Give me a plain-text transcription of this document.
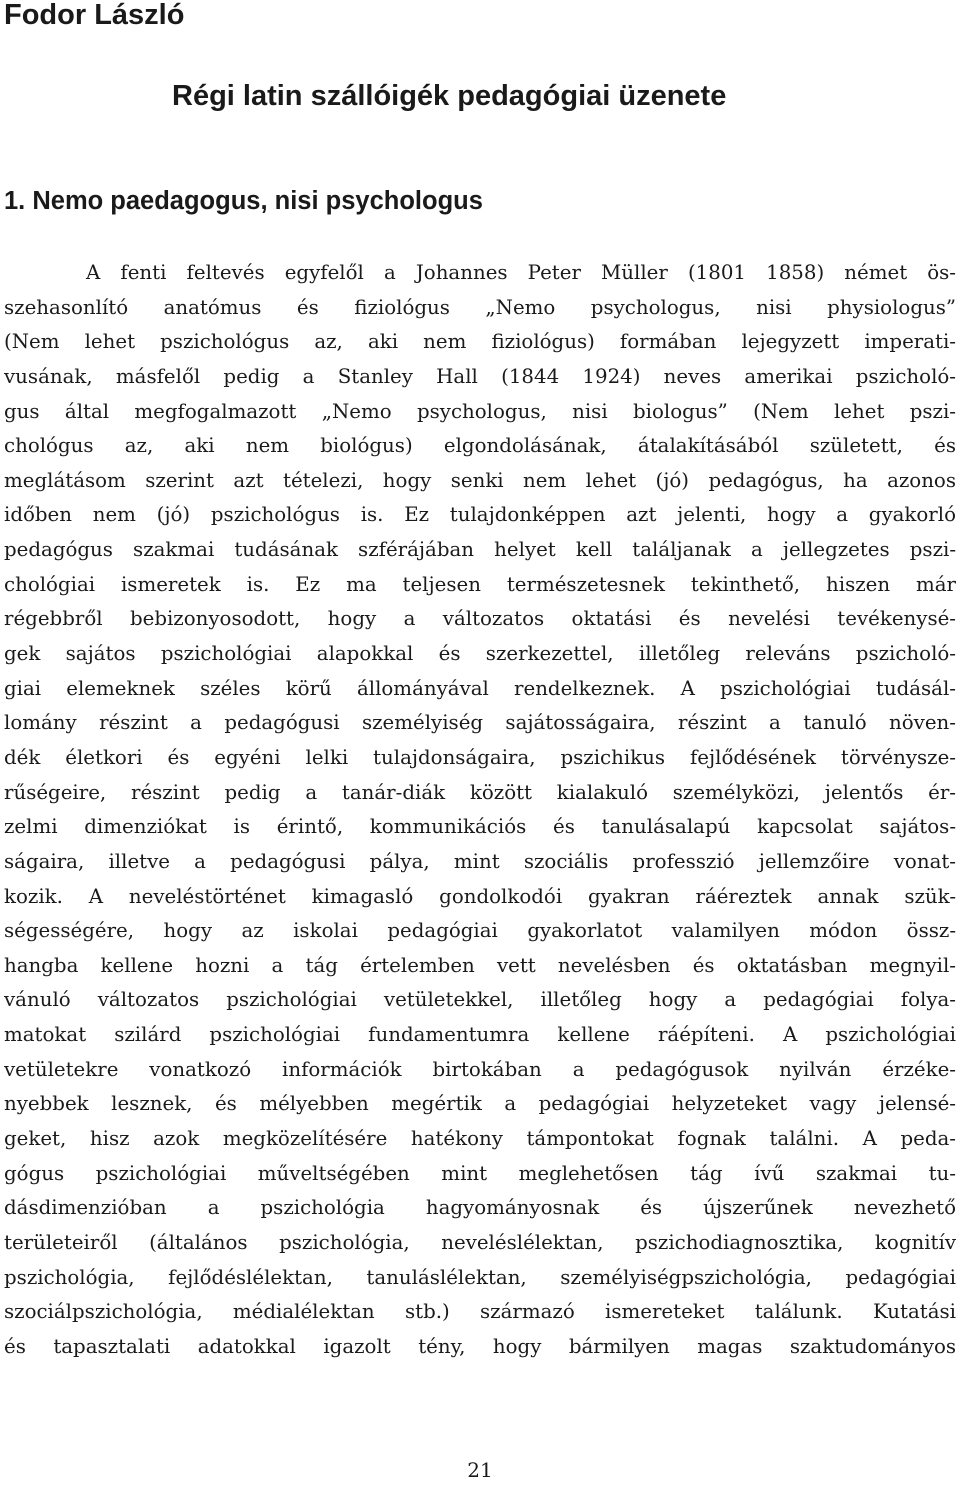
Fodor László
Régi latin szállóigék pedagógiai üzenete
1. Nemo paedagogus, nisi psychologus
A fenti feltevés egyfelől a Johannes Peter Müller (1801 1858) német ös-
szehasonlító anatómus és fiziológus „Nemo psychologus, nisi physiologus”
(Nem lehet pszichológus az, aki nem fiziológus) formában lejegyzett imperati-
vusának, másfelől pedig a Stanley Hall (1844 1924) neves amerikai pszicholó-
gus által megfogalmazott „Nemo psychologus, nisi biologus” (Nem lehet pszi-
chológus az, aki nem biológus) elgondolásának, átalakításából született, és
meglátásom szerint azt tételezi, hogy senki nem lehet (jó) pedagógus, ha azonos
időben nem (jó) pszichológus is. Ez tulajdonképpen azt jelenti, hogy a gyakorló
pedagógus szakmai tudásának szférájában helyet kell találjanak a jellegzetes pszi-
chológiai ismeretek is. Ez ma teljesen természetesnek tekinthető, hiszen már
régebbről bebizonyosodott, hogy a változatos oktatási és nevelési tevékenysé-
gek sajátos pszichológiai alapokkal és szerkezettel, illetőleg releváns pszicholó-
giai elemeknek széles körű állományával rendelkeznek. A pszichológiai tudásál-
lomány részint a pedagógusi személyiség sajátosságaira, részint a tanuló növen-
dék életkori és egyéni lelki tulajdonságaira, pszichikus fejlődésének törvénysze-
rűségeire, részint pedig a tanár-diák között kialakuló személyközi, jelentős ér-
zelmi dimenziókat is érintő, kommunikációs és tanulásalapú kapcsolat sajátos-
ságaira, illetve a pedagógusi pálya, mint szociális professzió jellemzőire vonat-
kozik. A neveléstörténet kimagasló gondolkodói gyakran ráéreztek annak szük-
ségességére, hogy az iskolai pedagógiai gyakorlatot valamilyen módon össz-
hangba kellene hozni a tág értelemben vett nevelésben és oktatásban megnyil-
vánuló változatos pszichológiai vetületekkel, illetőleg hogy a pedagógiai folya-
matokat szilárd pszichológiai fundamentumra kellene ráépíteni. A pszichológiai
vetületekre vonatkozó információk birtokában a pedagógusok nyilván érzéke-
nyebbek lesznek, és mélyebben megértik a pedagógiai helyzeteket vagy jelensé-
geket, hisz azok megközelítésére hatékony támpontokat fognak találni. A peda-
gógus pszichológiai műveltségében mint meglehetősen tág ívű szakmai tu-
dásdimenzióban a pszichológia hagyományosnak és újszerűnek nevezhető
területeiről (általános pszichológia, neveléslélektan, pszichodiagnosztika, kognitív
pszichológia, fejlődéslélektan, tanuláslélektan, személyiségpszichológia, pedagógiai
szociálpszichológia, médialélektan stb.) származó ismereteket találunk. Kutatási
és tapasztalati adatokkal igazolt tény, hogy bármilyen magas szaktudományos
21
